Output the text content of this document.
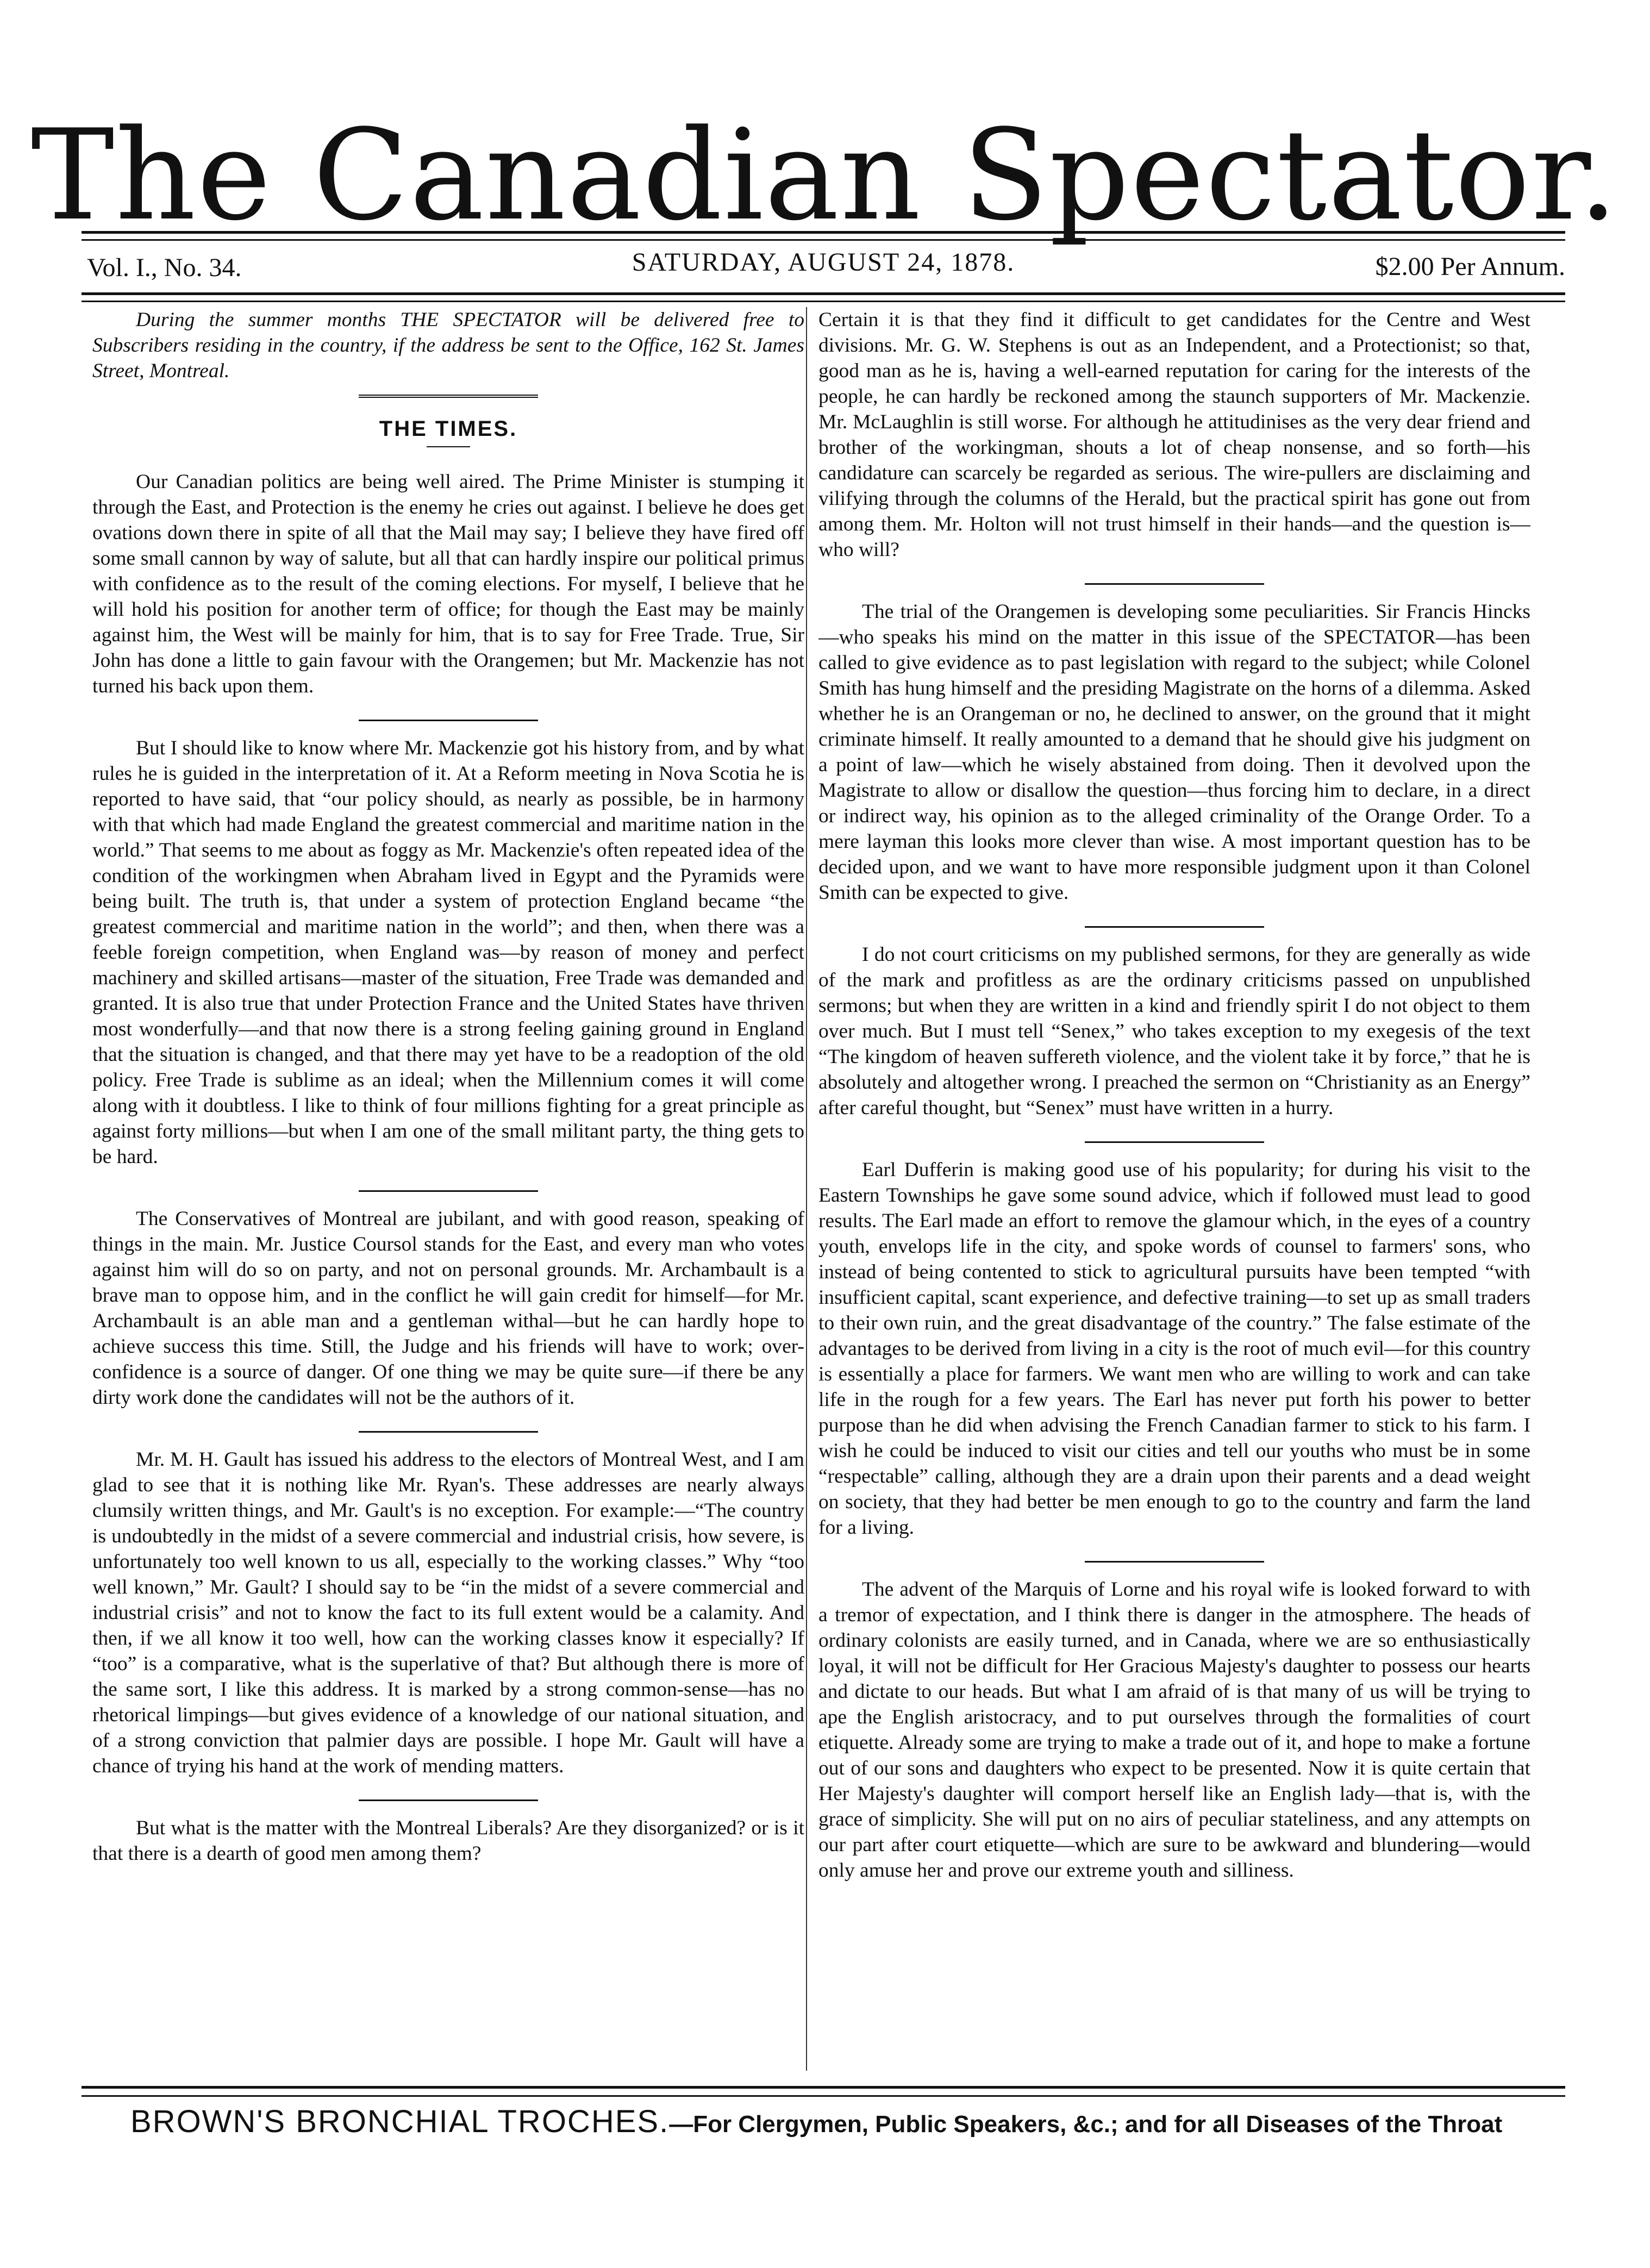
The Canadian Spectator.
Vol. I., No. 34.	SATURDAY, AUGUST 24, 1878.	$2.00 Per Annum.

During the summer months THE SPECTATOR will be delivered free to Subscribers residing in the country, if the address be sent to the Office, 162 St. James Street, Montreal.

THE TIMES.

Our Canadian politics are being well aired. The Prime Minister is stumping it through the East, and Protection is the enemy he cries out against. I believe he does get ovations down there in spite of all that the Mail may say; I believe they have fired off some small cannon by way of salute, but all that can hardly inspire our political primus with confidence as to the result of the coming elections. For myself, I believe that he will hold his position for another term of office; for though the East may be mainly against him, the West will be mainly for him, that is to say for Free Trade. True, Sir John has done a little to gain favour with the Orangemen; but Mr. Mackenzie has not turned his back upon them.

But I should like to know where Mr. Mackenzie got his history from, and by what rules he is guided in the interpretation of it. At a Reform meeting in Nova Scotia he is reported to have said, that “our policy should, as nearly as possible, be in harmony with that which had made England the greatest commercial and maritime nation in the world.” That seems to me about as foggy as Mr. Mackenzie's often repeated idea of the condition of the workingmen when Abraham lived in Egypt and the Pyramids were being built. The truth is, that under a system of protection England became “the greatest commercial and maritime nation in the world”; and then, when there was a feeble foreign competition, when England was—by reason of money and perfect machinery and skilled artisans—master of the situation, Free Trade was demanded and granted. It is also true that under Protection France and the United States have thriven most wonderfully—and that now there is a strong feeling gaining ground in England that the situation is changed, and that there may yet have to be a readoption of the old policy. Free Trade is sublime as an ideal; when the Millennium comes it will come along with it doubtless. I like to think of four millions fighting for a great principle as against forty millions—but when I am one of the small militant party, the thing gets to be hard.

The Conservatives of Montreal are jubilant, and with good reason, speaking of things in the main. Mr. Justice Coursol stands for the East, and every man who votes against him will do so on party, and not on personal grounds. Mr. Archambault is a brave man to oppose him, and in the conflict he will gain credit for himself—for Mr. Archambault is an able man and a gentleman withal—but he can hardly hope to achieve success this time. Still, the Judge and his friends will have to work; over-confidence is a source of danger. Of one thing we may be quite sure—if there be any dirty work done the candidates will not be the authors of it.

Mr. M. H. Gault has issued his address to the electors of Montreal West, and I am glad to see that it is nothing like Mr. Ryan's. These addresses are nearly always clumsily written things, and Mr. Gault's is no exception. For example:—“The country is undoubtedly in the midst of a severe commercial and industrial crisis, how severe, is unfortunately too well known to us all, especially to the working classes.” Why “too well known,” Mr. Gault? I should say to be “in the midst of a severe commercial and industrial crisis” and not to know the fact to its full extent would be a calamity. And then, if we all know it too well, how can the working classes know it especially? If “too” is a comparative, what is the superlative of that? But although there is more of the same sort, I like this address. It is marked by a strong common-sense—has no rhetorical limpings—but gives evidence of a knowledge of our national situation, and of a strong conviction that palmier days are possible. I hope Mr. Gault will have a chance of trying his hand at the work of mending matters.

But what is the matter with the Montreal Liberals? Are they disorganized? or is it that there is a dearth of good men among them?

Certain it is that they find it difficult to get candidates for the Centre and West divisions. Mr. G. W. Stephens is out as an Independent, and a Protectionist; so that, good man as he is, having a well-earned reputation for caring for the interests of the people, he can hardly be reckoned among the staunch supporters of Mr. Mackenzie. Mr. McLaughlin is still worse. For although he attitudinises as the very dear friend and brother of the workingman, shouts a lot of cheap nonsense, and so forth—his candidature can scarcely be regarded as serious. The wire-pullers are disclaiming and vilifying through the columns of the Herald, but the practical spirit has gone out from among them. Mr. Holton will not trust himself in their hands—and the question is—who will?

The trial of the Orangemen is developing some peculiarities. Sir Francis Hincks—who speaks his mind on the matter in this issue of the SPECTATOR—has been called to give evidence as to past legislation with regard to the subject; while Colonel Smith has hung himself and the presiding Magistrate on the horns of a dilemma. Asked whether he is an Orangeman or no, he declined to answer, on the ground that it might criminate himself. It really amounted to a demand that he should give his judgment on a point of law—which he wisely abstained from doing. Then it devolved upon the Magistrate to allow or disallow the question—thus forcing him to declare, in a direct or indirect way, his opinion as to the alleged criminality of the Orange Order. To a mere layman this looks more clever than wise. A most important question has to be decided upon, and we want to have more responsible judgment upon it than Colonel Smith can be expected to give.

I do not court criticisms on my published sermons, for they are generally as wide of the mark and profitless as are the ordinary criticisms passed on unpublished sermons; but when they are written in a kind and friendly spirit I do not object to them over much. But I must tell “Senex,” who takes exception to my exegesis of the text “The kingdom of heaven suffereth violence, and the violent take it by force,” that he is absolutely and altogether wrong. I preached the sermon on “Christianity as an Energy” after careful thought, but “Senex” must have written in a hurry.

Earl Dufferin is making good use of his popularity; for during his visit to the Eastern Townships he gave some sound advice, which if followed must lead to good results. The Earl made an effort to remove the glamour which, in the eyes of a country youth, envelops life in the city, and spoke words of counsel to farmers' sons, who instead of being contented to stick to agricultural pursuits have been tempted “with insufficient capital, scant experience, and defective training—to set up as small traders to their own ruin, and the great disadvantage of the country.” The false estimate of the advantages to be derived from living in a city is the root of much evil—for this country is essentially a place for farmers. We want men who are willing to work and can take life in the rough for a few years. The Earl has never put forth his power to better purpose than he did when advising the French Canadian farmer to stick to his farm. I wish he could be induced to visit our cities and tell our youths who must be in some “respectable” calling, although they are a drain upon their parents and a dead weight on society, that they had better be men enough to go to the country and farm the land for a living.

The advent of the Marquis of Lorne and his royal wife is looked forward to with a tremor of expectation, and I think there is danger in the atmosphere. The heads of ordinary colonists are easily turned, and in Canada, where we are so enthusiastically loyal, it will not be difficult for Her Gracious Majesty's daughter to possess our hearts and dictate to our heads. But what I am afraid of is that many of us will be trying to ape the English aristocracy, and to put ourselves through the formalities of court etiquette. Already some are trying to make a trade out of it, and hope to make a fortune out of our sons and daughters who expect to be presented. Now it is quite certain that Her Majesty's daughter will comport herself like an English lady—that is, with the grace of simplicity. She will put on no airs of peculiar stateliness, and any attempts on our part after court etiquette—which are sure to be awkward and blundering—would only amuse her and prove our extreme youth and silliness.

BROWN'S BRONCHIAL TROCHES.—For Clergymen, Public Speakers, &c.; and for all Diseases of the Throat
